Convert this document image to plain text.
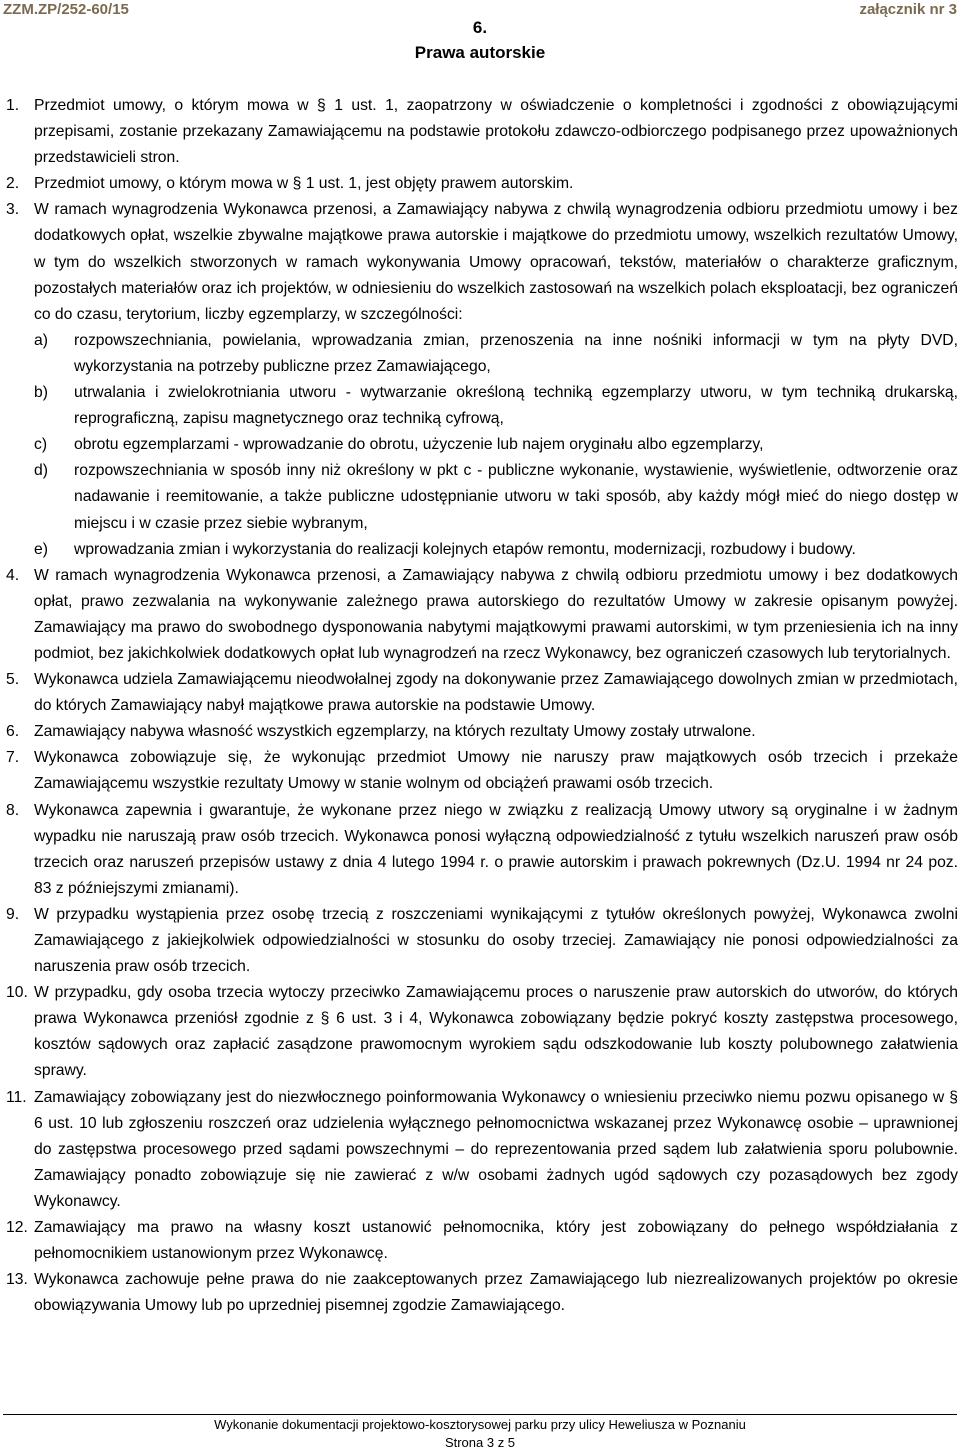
ZZM.ZP/252-60/15	załącznik nr 3
6.
Prawa autorskie
1. Przedmiot umowy, o którym mowa w § 1 ust. 1, zaopatrzony w oświadczenie o kompletności i zgodności z obowiązującymi przepisami, zostanie przekazany Zamawiającemu na podstawie protokołu zdawczo-odbiorczego podpisanego przez upoważnionych przedstawicieli stron.
2. Przedmiot umowy, o którym mowa w § 1 ust. 1, jest objęty prawem autorskim.
3. W ramach wynagrodzenia Wykonawca przenosi, a Zamawiający nabywa z chwilą wynagrodzenia odbioru przedmiotu umowy i bez dodatkowych opłat, wszelkie zbywalne majątkowe prawa autorskie i majątkowe do przedmiotu umowy, wszelkich rezultatów Umowy, w tym do wszelkich stworzonych w ramach wykonywania Umowy opracowań, tekstów, materiałów o charakterze graficznym, pozostałych materiałów oraz ich projektów, w odniesieniu do wszelkich zastosowań na wszelkich polach eksploatacji, bez ograniczeń co do czasu, terytorium, liczby egzemplarzy, w szczególności:
a) rozpowszechniania, powielania, wprowadzania zmian, przenoszenia na inne nośniki informacji w tym na płyty DVD, wykorzystania na potrzeby publiczne przez Zamawiającego,
b) utrwalania i zwielokrotniania utworu - wytwarzanie określoną techniką egzemplarzy utworu, w tym techniką drukarską, reprograficzną, zapisu magnetycznego oraz techniką cyfrową,
c) obrotu egzemplarzami - wprowadzanie do obrotu, użyczenie lub najem oryginału albo egzemplarzy,
d) rozpowszechniania w sposób inny niż określony w pkt c - publiczne wykonanie, wystawienie, wyświetlenie, odtworzenie oraz nadawanie i reemitowanie, a także publiczne udostępnianie utworu w taki sposób, aby każdy mógł mieć do niego dostęp w miejscu i w czasie przez siebie wybranym,
e) wprowadzania zmian i wykorzystania do realizacji kolejnych etapów remontu, modernizacji, rozbudowy i budowy.
4. W ramach wynagrodzenia Wykonawca przenosi, a Zamawiający nabywa z chwilą odbioru przedmiotu umowy i bez dodatkowych opłat, prawo zezwalania na wykonywanie zależnego prawa autorskiego do rezultatów Umowy w zakresie opisanym powyżej. Zamawiający ma prawo do swobodnego dysponowania nabytymi majątkowymi prawami autorskimi, w tym przeniesienia ich na inny podmiot, bez jakichkolwiek dodatkowych opłat lub wynagrodzeń na rzecz Wykonawcy, bez ograniczeń czasowych lub terytorialnych.
5. Wykonawca udziela Zamawiającemu nieodwołalnej zgody na dokonywanie przez Zamawiającego dowolnych zmian w przedmiotach, do których Zamawiający nabył majątkowe prawa autorskie na podstawie Umowy.
6. Zamawiający nabywa własność wszystkich egzemplarzy, na których rezultaty Umowy zostały utrwalone.
7. Wykonawca zobowiązuje się, że wykonując przedmiot Umowy nie naruszy praw majątkowych osób trzecich i przekaże Zamawiającemu wszystkie rezultaty Umowy w stanie wolnym od obciążeń prawami osób trzecich.
8. Wykonawca zapewnia i gwarantuje, że wykonane przez niego w związku z realizacją Umowy utwory są oryginalne i w żadnym wypadku nie naruszają praw osób trzecich. Wykonawca ponosi wyłączną odpowiedzialność z tytułu wszelkich naruszeń praw osób trzecich oraz naruszeń przepisów ustawy z dnia 4 lutego 1994 r. o prawie autorskim i prawach pokrewnych (Dz.U. 1994 nr 24 poz. 83 z późniejszymi zmianami).
9. W przypadku wystąpienia przez osobę trzecią z roszczeniami wynikającymi z tytułów określonych powyżej, Wykonawca zwolni Zamawiającego z jakiejkolwiek odpowiedzialności w stosunku do osoby trzeciej. Zamawiający nie ponosi odpowiedzialności za naruszenia praw osób trzecich.
10. W przypadku, gdy osoba trzecia wytoczy przeciwko Zamawiającemu proces o naruszenie praw autorskich do utworów, do których prawa Wykonawca przeniósł zgodnie z § 6 ust. 3 i 4, Wykonawca zobowiązany będzie pokryć koszty zastępstwa procesowego, kosztów sądowych oraz zapłacić zasądzone prawomocnym wyrokiem sądu odszkodowanie lub koszty polubownego załatwienia sprawy.
11. Zamawiający zobowiązany jest do niezwłocznego poinformowania Wykonawcy o wniesieniu przeciwko niemu pozwu opisanego w § 6 ust. 10 lub zgłoszeniu roszczeń oraz udzielenia wyłącznego pełnomocnictwa wskazanej przez Wykonawcę osobie – uprawnionej do zastępstwa procesowego przed sądami powszechnymi – do reprezentowania przed sądem lub załatwienia sporu polubownie. Zamawiający ponadto zobowiązuje się nie zawierać z w/w osobami żadnych ugód sądowych czy pozasądowych bez zgody Wykonawcy.
12. Zamawiający ma prawo na własny koszt ustanowić pełnomocnika, który jest zobowiązany do pełnego współdziałania z pełnomocnikiem ustanowionym przez Wykonawcę.
13. Wykonawca zachowuje pełne prawa do nie zaakceptowanych przez Zamawiającego lub niezrealizowanych projektów po okresie obowiązywania Umowy lub po uprzedniej pisemnej zgodzie Zamawiającego.
Wykonanie dokumentacji projektowo-kosztorysowej parku przy ulicy Heweliusza w Poznaniu
Strona 3 z 5
